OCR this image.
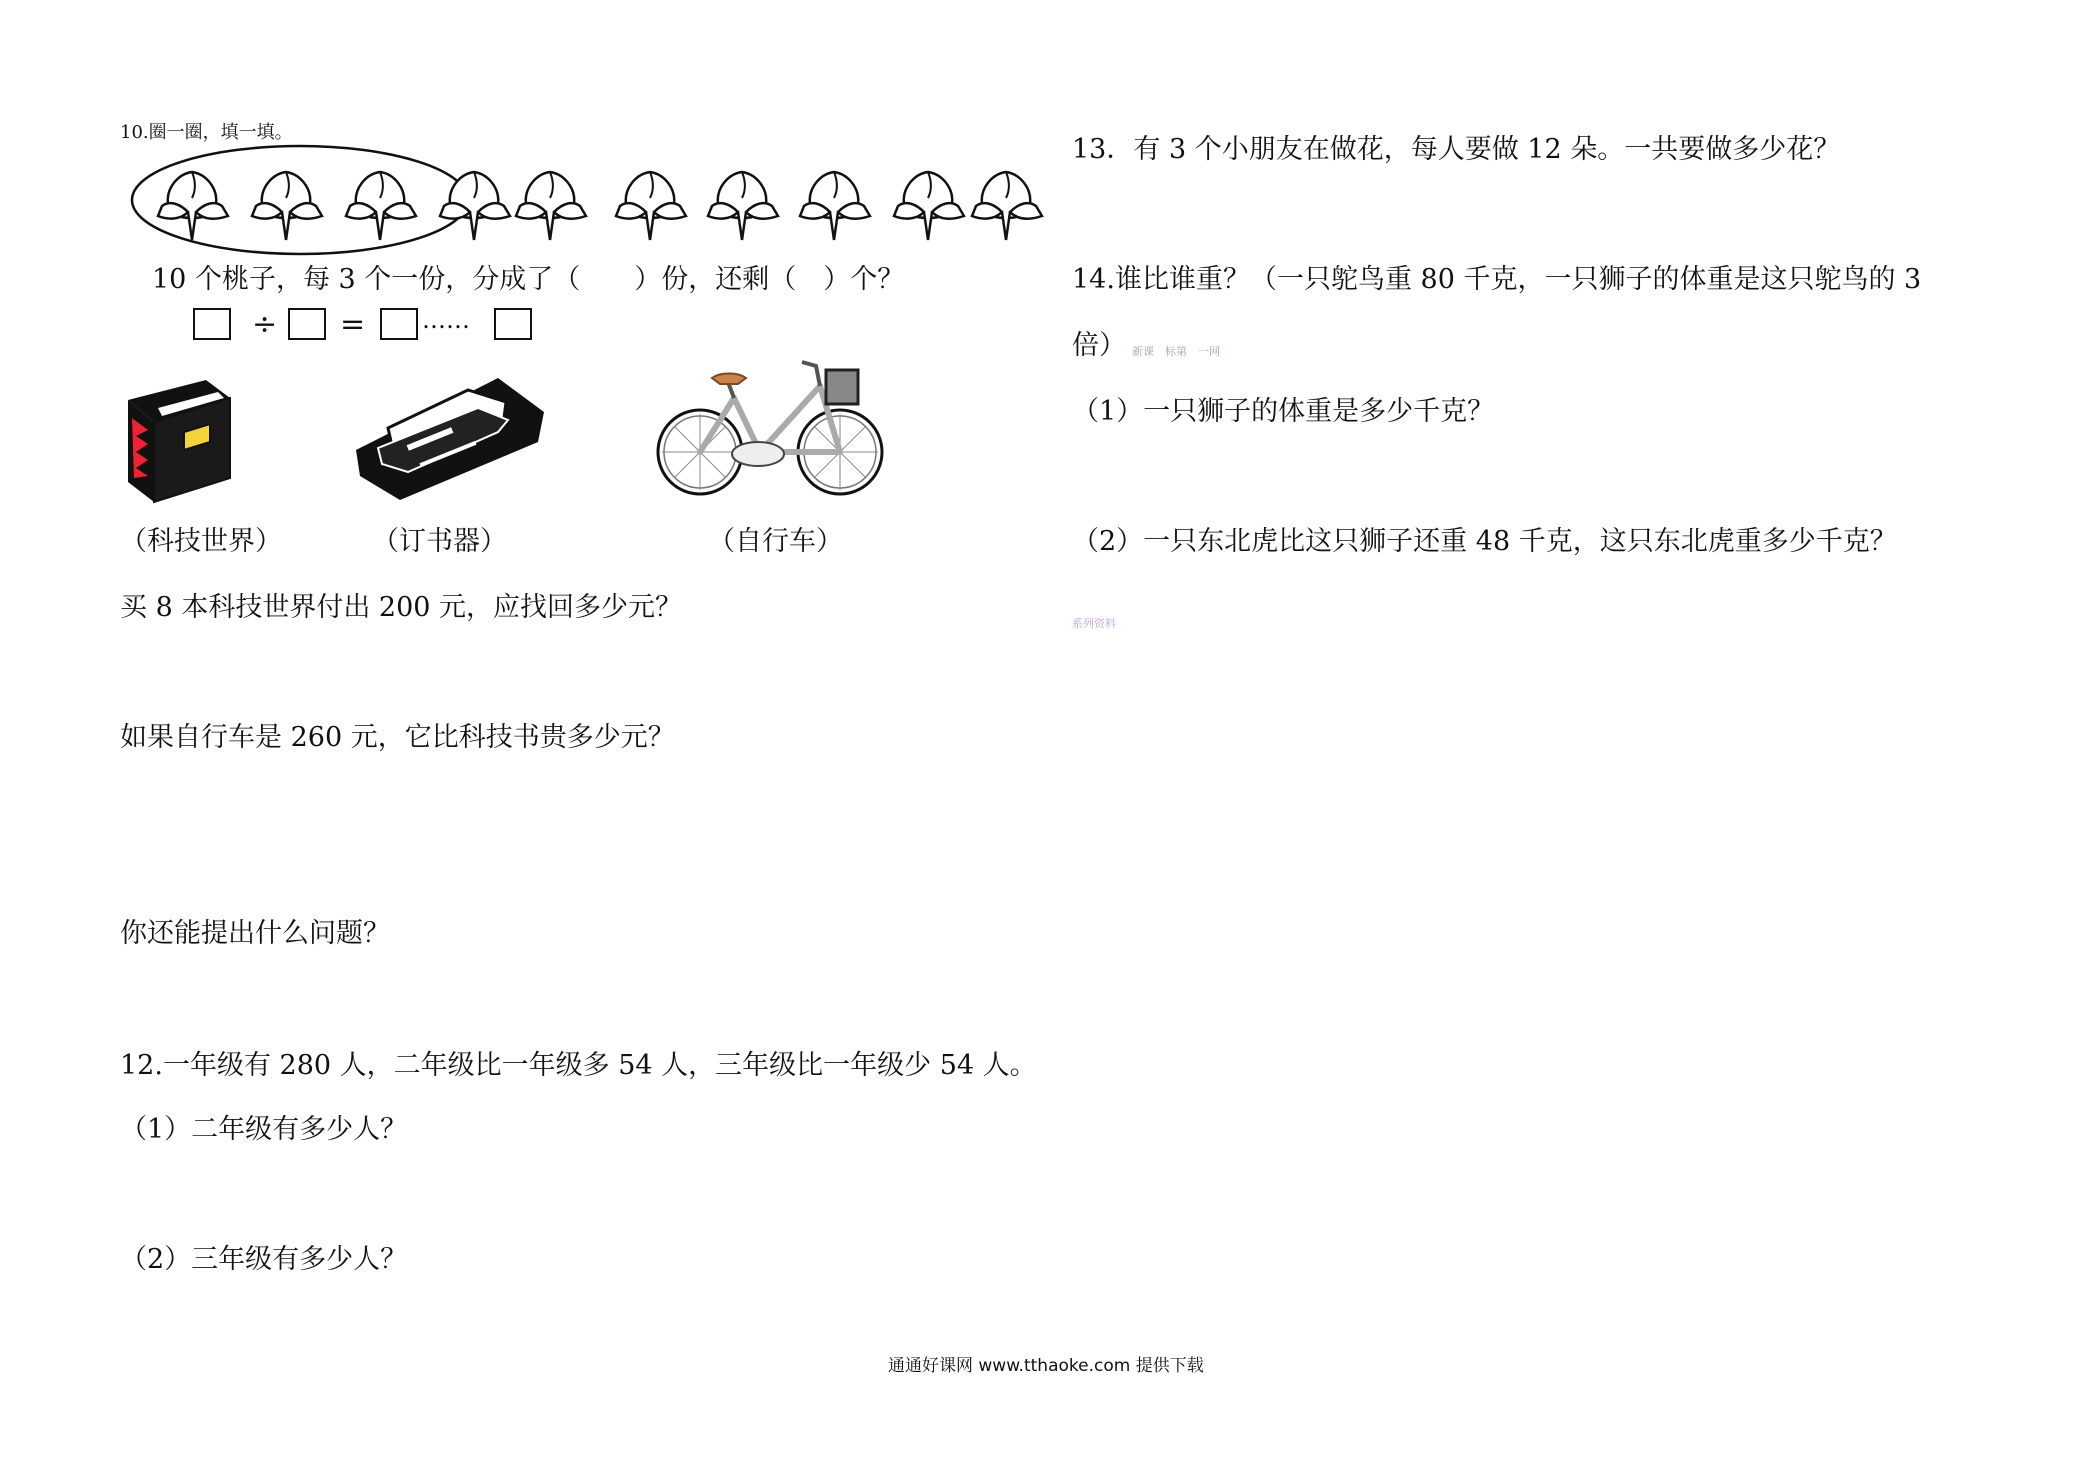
10.圈一圈，填一填。
10 个桃子，每 3 个一份，分成了（　　）份，还剩（　）个？
÷ = ……
（科技世界）	（订书器）	（自行车）
买 8 本科技世界付出 200 元，应找回多少元？
如果自行车是 260 元，它比科技书贵多少元？
你还能提出什么问题？
12.一年级有 280 人，二年级比一年级多 54 人，三年级比一年级少 54 人。
（1）二年级有多少人？
（2）三年级有多少人？
13．有 3 个小朋友在做花，每人要做 12 朵。一共要做多少花？
14.谁比谁重？（一只鸵鸟重 80 千克，一只狮子的体重是这只鸵鸟的 3
倍） 新课　标第　一网
（1）一只狮子的体重是多少千克？
（2）一只东北虎比这只狮子还重 48 千克，这只东北虎重多少千克？
系列资料
通通好课网 www.tthaoke.com 提供下载
